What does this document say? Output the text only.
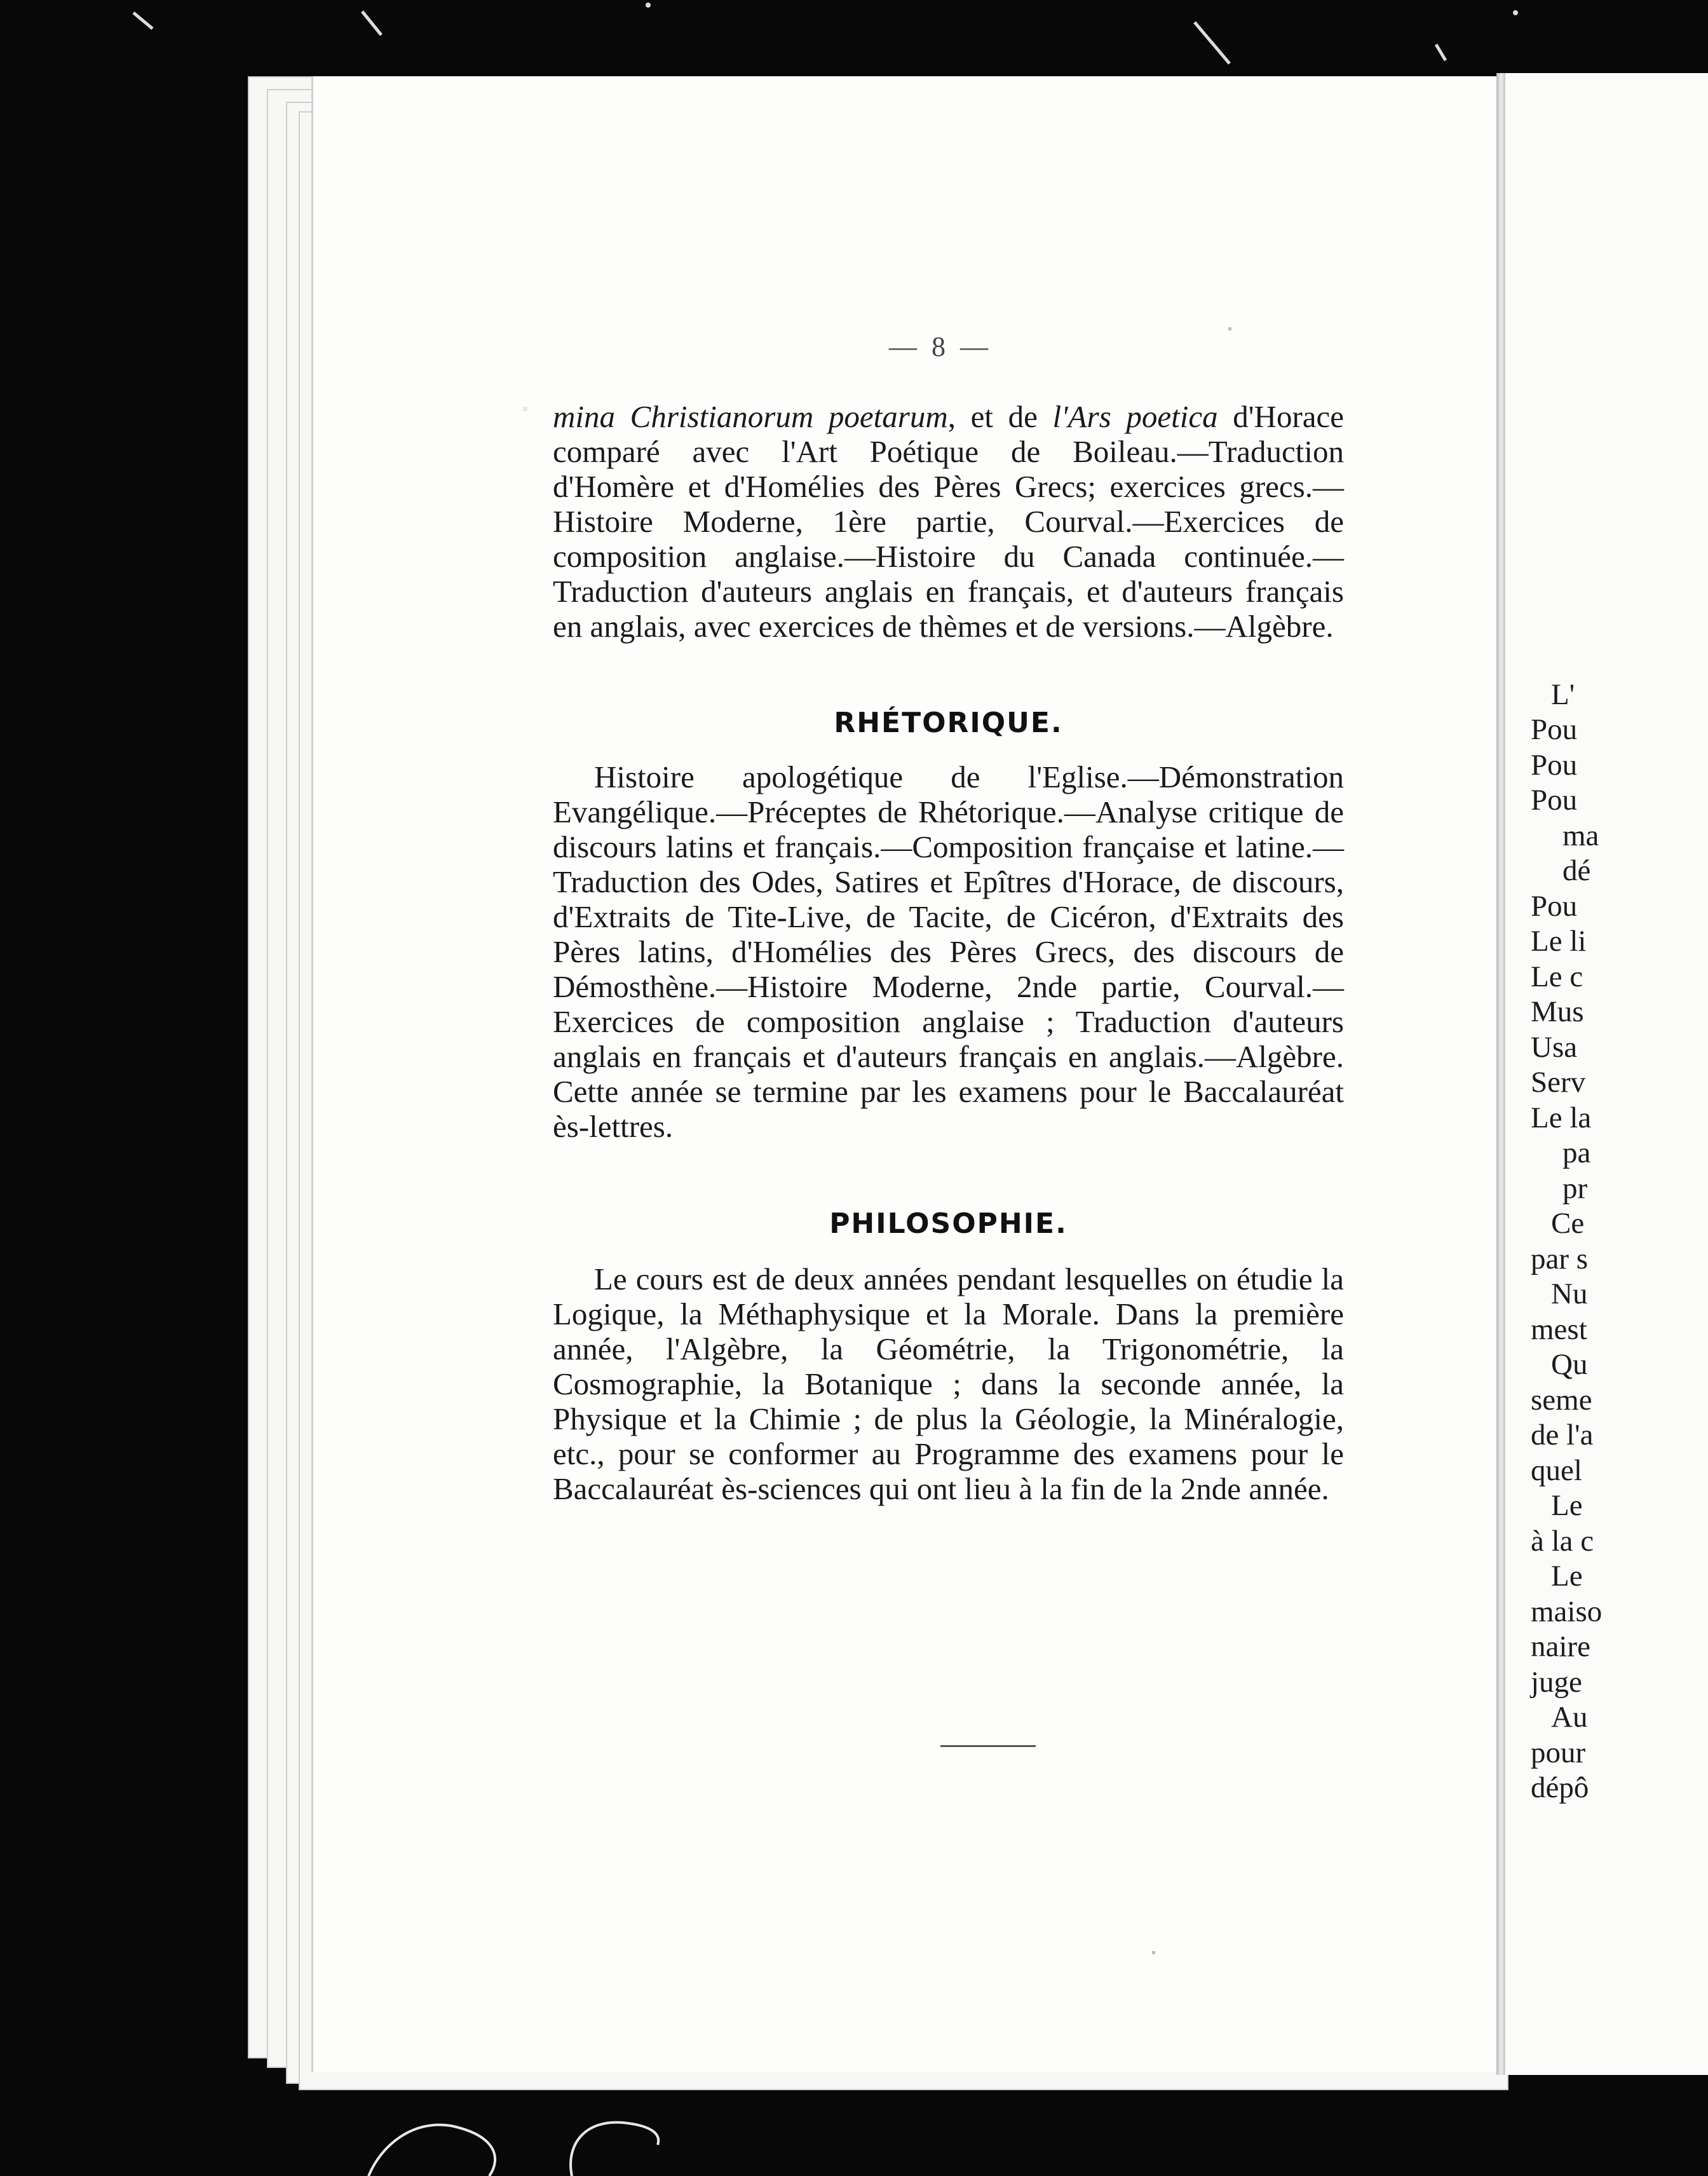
L'
Pou
Pou
Pou
ma
dé
Pou
Le li
Le c
Mus
Usa
Serv
Le la
pa
pr
Ce
par s
Nu
mest
Qu
seme
de l'a
quel
Le
à la c
Le
maiso
naire
juge
Au
pour
dépô
— 8 —

mina Christianorum poetarum, et de l'Ars poetica d'Horace comparé avec l'Art Poétique de Boileau.—Traduction d'Homère et d'Homélies des Pères Grecs; exercices grecs.—Histoire Moderne, 1ère partie, Courval.—Exercices de composition anglaise.—Histoire du Canada continuée.—Traduction d'auteurs anglais en français, et d'auteurs français en anglais, avec exercices de thèmes et de versions.—Algèbre.

RHÉTORIQUE.

Histoire apologétique de l'Eglise.—Démonstration Evangélique.—Préceptes de Rhétorique.—Analyse critique de discours latins et français.—Composition française et latine.—Traduction des Odes, Satires et Epîtres d'Horace, de discours, d'Extraits de Tite-Live, de Tacite, de Cicéron, d'Extraits des Pères latins, d'Homélies des Pères Grecs, des discours de Démosthène.—Histoire Moderne, 2nde partie, Courval.—Exercices de composition anglaise ; Traduction d'auteurs anglais en français et d'auteurs français en anglais.—Algèbre. Cette année se termine par les examens pour le Baccalauréat ès-lettres.

PHILOSOPHIE.

Le cours est de deux années pendant lesquelles on étudie la Logique, la Méthaphysique et la Morale. Dans la première année, l'Algèbre, la Géométrie, la Trigonométrie, la Cosmographie, la Botanique ; dans la seconde année, la Physique et la Chimie ; de plus la Géologie, la Minéralogie, etc., pour se conformer au Programme des examens pour le Baccalauréat ès-sciences qui ont lieu à la fin de la 2nde année.
